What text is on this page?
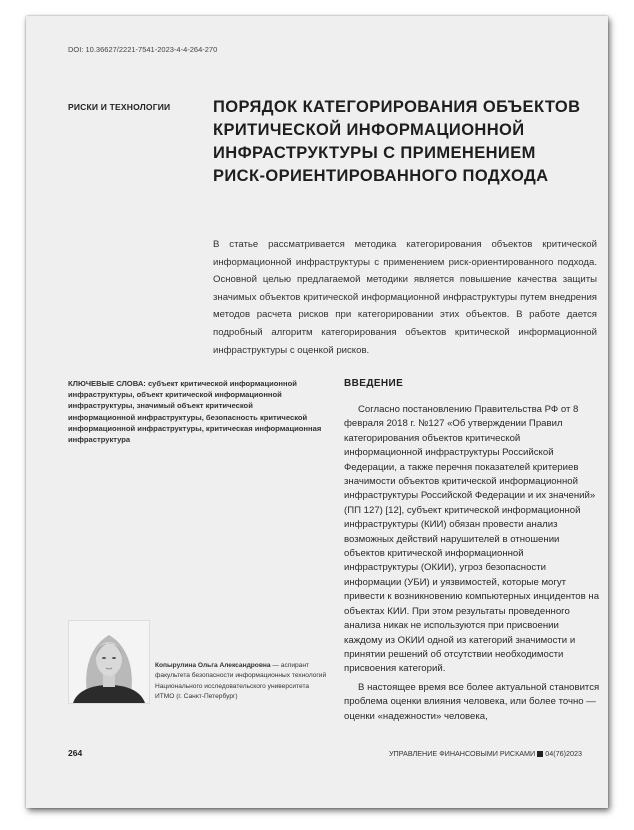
DOI: 10.36627/2221-7541-2023-4-4-264-270
РИСКИ И ТЕХНОЛОГИИ	ПОРЯДОК КАТЕГОРИРОВАНИЯ ОБЪЕКТОВ КРИТИЧЕСКОЙ ИНФОРМАЦИОННОЙ ИНФРАСТРУКТУРЫ С ПРИМЕНЕНИЕМ РИСК-ОРИЕНТИРОВАННОГО ПОДХОДА
В статье рассматривается методика категорирования объектов критической информационной инфраструктуры с применением риск-ориентированного подхода. Основной целью предлагаемой методики является повышение качества защиты значимых объектов критической информационной инфраструктуры путем внедрения методов расчета рисков при категорировании этих объектов. В работе дается подробный алгоритм категорирования объектов критической информационной инфраструктуры с оценкой рисков.
КЛЮЧЕВЫЕ СЛОВА: субъект критической информационной инфраструктуры, объект критической информационной инфраструктуры, значимый объект критической информационной инфраструктуры, безопасность критической информационной инфраструктуры, критическая информационная инфраструктура
ВВЕДЕНИЕ

Согласно постановлению Правительства РФ от 8 февраля 2018 г. №127 «Об утверждении Правил категорирования объектов критической информационной инфраструктуры Российской Федерации, а также перечня показателей критериев значимости объектов критической информационной инфраструктуры Российской Федерации и их значений» (ПП 127) [12], субъект критической информационной инфраструктуры (КИИ) обязан провести анализ возможных действий нарушителей в отношении объектов критической информационной инфраструктуры (ОКИИ), угроз безопасности информации (УБИ) и уязвимостей, которые могут привести к возникновению компьютерных инцидентов на объектах КИИ. При этом результаты проведенного анализа никак не используются при присвоении каждому из ОКИИ одной из категорий значимости и принятии решений об отсутствии необходимости присвоения категорий.

В настоящее время все более актуальной становится проблема оценки влияния человека, или более точно — оценки «надежности» человека,

Копырулина Ольга Александровна — аспирант факультета безопасности информационных технологий Национального исследовательского университета ИТМО (г. Санкт-Петербург)
264	УПРАВЛЕНИЕ ФИНАНСОВЫМИ РИСКАМИ 04(76)2023
